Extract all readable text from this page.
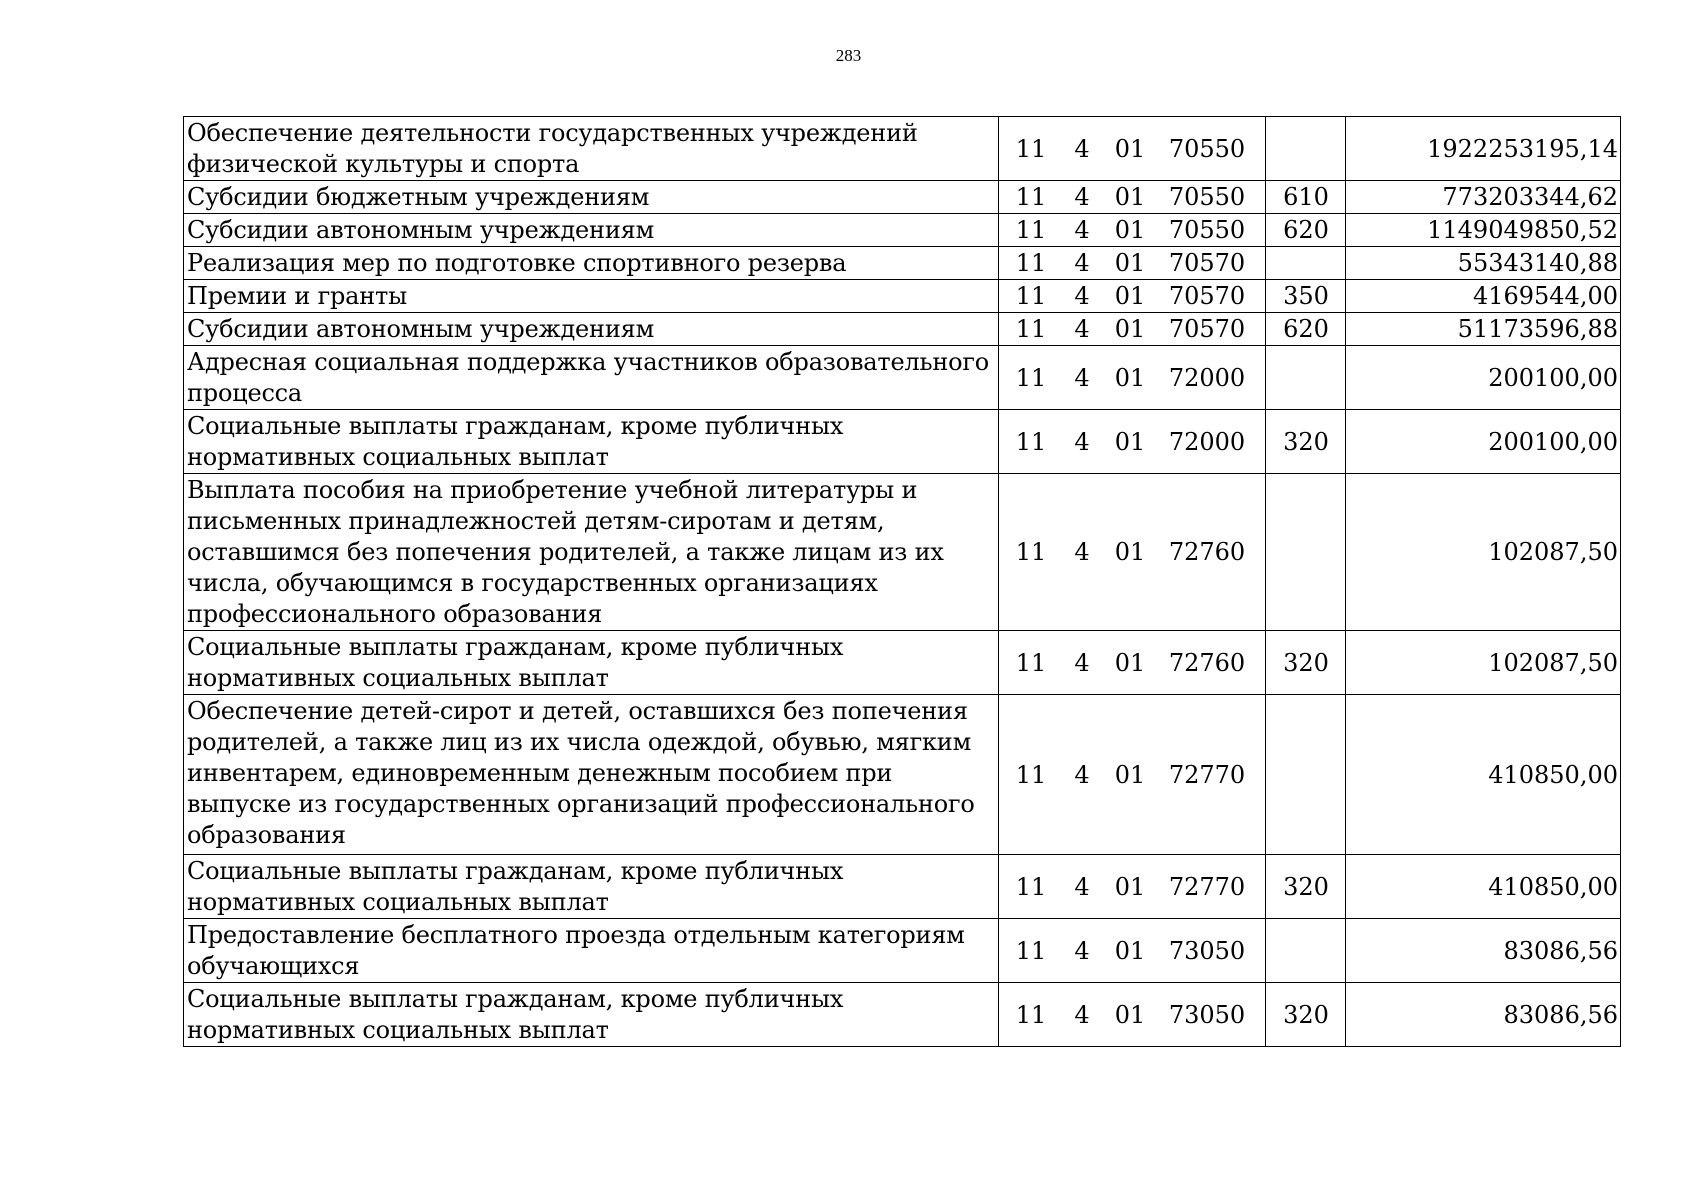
283
Обеспечение деятельности государственных учреждений физической культуры и спорта	11 4 01 70550		1922253195,14
Субсидии бюджетным учреждениям	11 4 01 70550	610	773203344,62
Субсидии автономным учреждениям	11 4 01 70550	620	1149049850,52
Реализация мер по подготовке спортивного резерва	11 4 01 70570		55343140,88
Премии и гранты	11 4 01 70570	350	4169544,00
Субсидии автономным учреждениям	11 4 01 70570	620	51173596,88
Адресная социальная поддержка участников образовательного процесса	11 4 01 72000		200100,00
Социальные выплаты гражданам, кроме публичных нормативных социальных выплат	11 4 01 72000	320	200100,00
Выплата пособия на приобретение учебной литературы и письменных принадлежностей детям-сиротам и детям, оставшимся без попечения родителей, а также лицам из их числа, обучающимся в государственных организациях профессионального образования	11 4 01 72760		102087,50
Социальные выплаты гражданам, кроме публичных нормативных социальных выплат	11 4 01 72760	320	102087,50
Обеспечение детей-сирот и детей, оставшихся без попечения родителей, а также лиц из их числа одеждой, обувью, мягким инвентарем, единовременным денежным пособием при выпуске из государственных организаций профессионального образования	11 4 01 72770		410850,00
Социальные выплаты гражданам, кроме публичных нормативных социальных выплат	11 4 01 72770	320	410850,00
Предоставление бесплатного проезда отдельным категориям обучающихся	11 4 01 73050		83086,56
Социальные выплаты гражданам, кроме публичных нормативных социальных выплат	11 4 01 73050	320	83086,56
